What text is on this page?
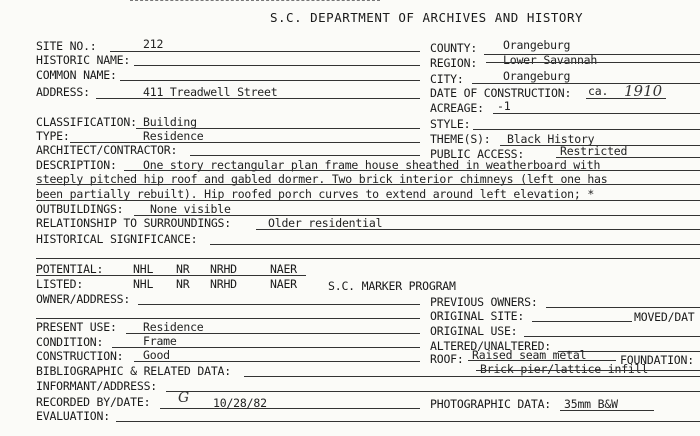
S.C. DEPARTMENT OF ARCHIVES AND HISTORY
SITE NO.:	212	COUNTY: Orangeburg
HISTORIC NAME:	REGION: Lower Savannah
COMMON NAME:	CITY:	Orangeburg
ADDRESS:	411 Treadwell Street	DATE OF CONSTRUCTION: ca. 1910
ACREAGE: -1
CLASSIFICATION: Building	STYLE:
TYPE:	Residence	THEME(S): Black History
ARCHITECT/CONTRACTOR:	PUBLIC ACCESS:	Restricted
DESCRIPTION: One story rectangular plan frame house sheathed in weatherboard with
steeply pitched hip roof and gabled dormer. Two brick interior chimneys (left one has
been partially rebuilt). Hip roofed porch curves to extend around left elevation; *
OUTBUILDINGS: None visible
RELATIONSHIP TO SURROUNDINGS:	Older residential
HISTORICAL SIGNIFICANCE:
POTENTIAL:	NHL NR NRHD	NAER
LISTED:	NHL NR NRHD	NAER	S.C. MARKER PROGRAM
OWNER/ADDRESS:	PREVIOUS OWNERS:
ORIGINAL SITE:	MOVED/DAT
PRESENT USE: Residence	ORIGINAL USE:
CONDITION:	Frame	ALTERED/UNALTERED:
CONSTRUCTION: Good	ROOF: Raised seam metal	FOUNDATION:
Brick pier/lattice infill
BIBLIOGRAPHIC & RELATED DATA:
INFORMANT/ADDRESS:
RECORDED BY/DATE: G 10/28/82	PHOTOGRAPHIC DATA: 35mm B&W
EVALUATION:
